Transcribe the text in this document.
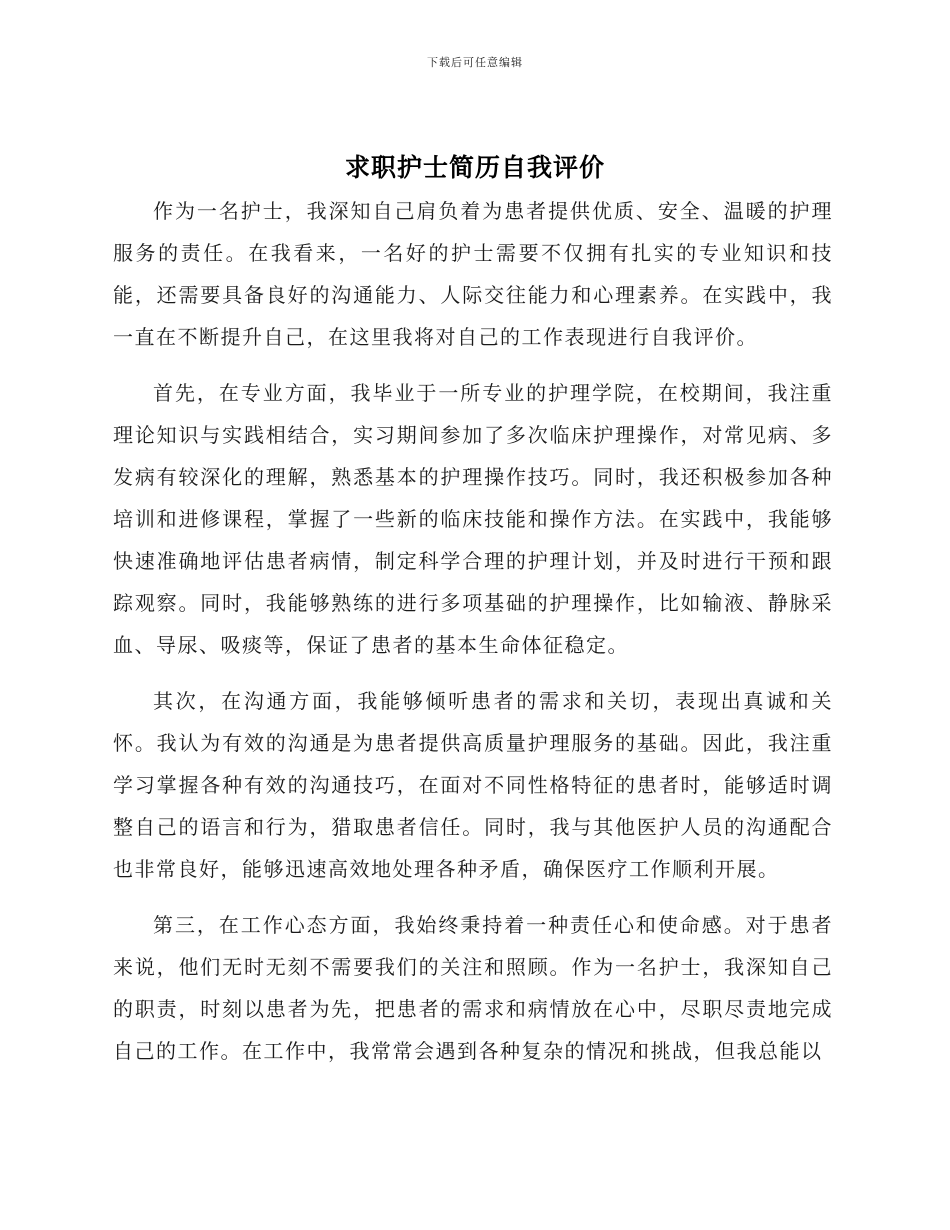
下载后可任意编辑
求职护士简历自我评价

作为一名护士，我深知自己肩负着为患者提供优质、安全、温暖的护理服务的责任。在我看来，一名好的护士需要不仅拥有扎实的专业知识和技能，还需要具备良好的沟通能力、人际交往能力和心理素养。在实践中，我一直在不断提升自己，在这里我将对自己的工作表现进行自我评价。

首先，在专业方面，我毕业于一所专业的护理学院，在校期间，我注重理论知识与实践相结合，实习期间参加了多次临床护理操作，对常见病、多发病有较深化的理解，熟悉基本的护理操作技巧。同时，我还积极参加各种培训和进修课程，掌握了一些新的临床技能和操作方法。在实践中，我能够快速准确地评估患者病情，制定科学合理的护理计划，并及时进行干预和跟踪观察。同时，我能够熟练的进行多项基础的护理操作，比如输液、静脉采血、导尿、吸痰等，保证了患者的基本生命体征稳定。

其次，在沟通方面，我能够倾听患者的需求和关切，表现出真诚和关怀。我认为有效的沟通是为患者提供高质量护理服务的基础。因此，我注重学习掌握各种有效的沟通技巧，在面对不同性格特征的患者时，能够适时调整自己的语言和行为，猎取患者信任。同时，我与其他医护人员的沟通配合也非常良好，能够迅速高效地处理各种矛盾，确保医疗工作顺利开展。

第三，在工作心态方面，我始终秉持着一种责任心和使命感。对于患者来说，他们无时无刻不需要我们的关注和照顾。作为一名护士，我深知自己的职责，时刻以患者为先，把患者的需求和病情放在心中，尽职尽责地完成自己的工作。在工作中，我常常会遇到各种复杂的情况和挑战，但我总能以
